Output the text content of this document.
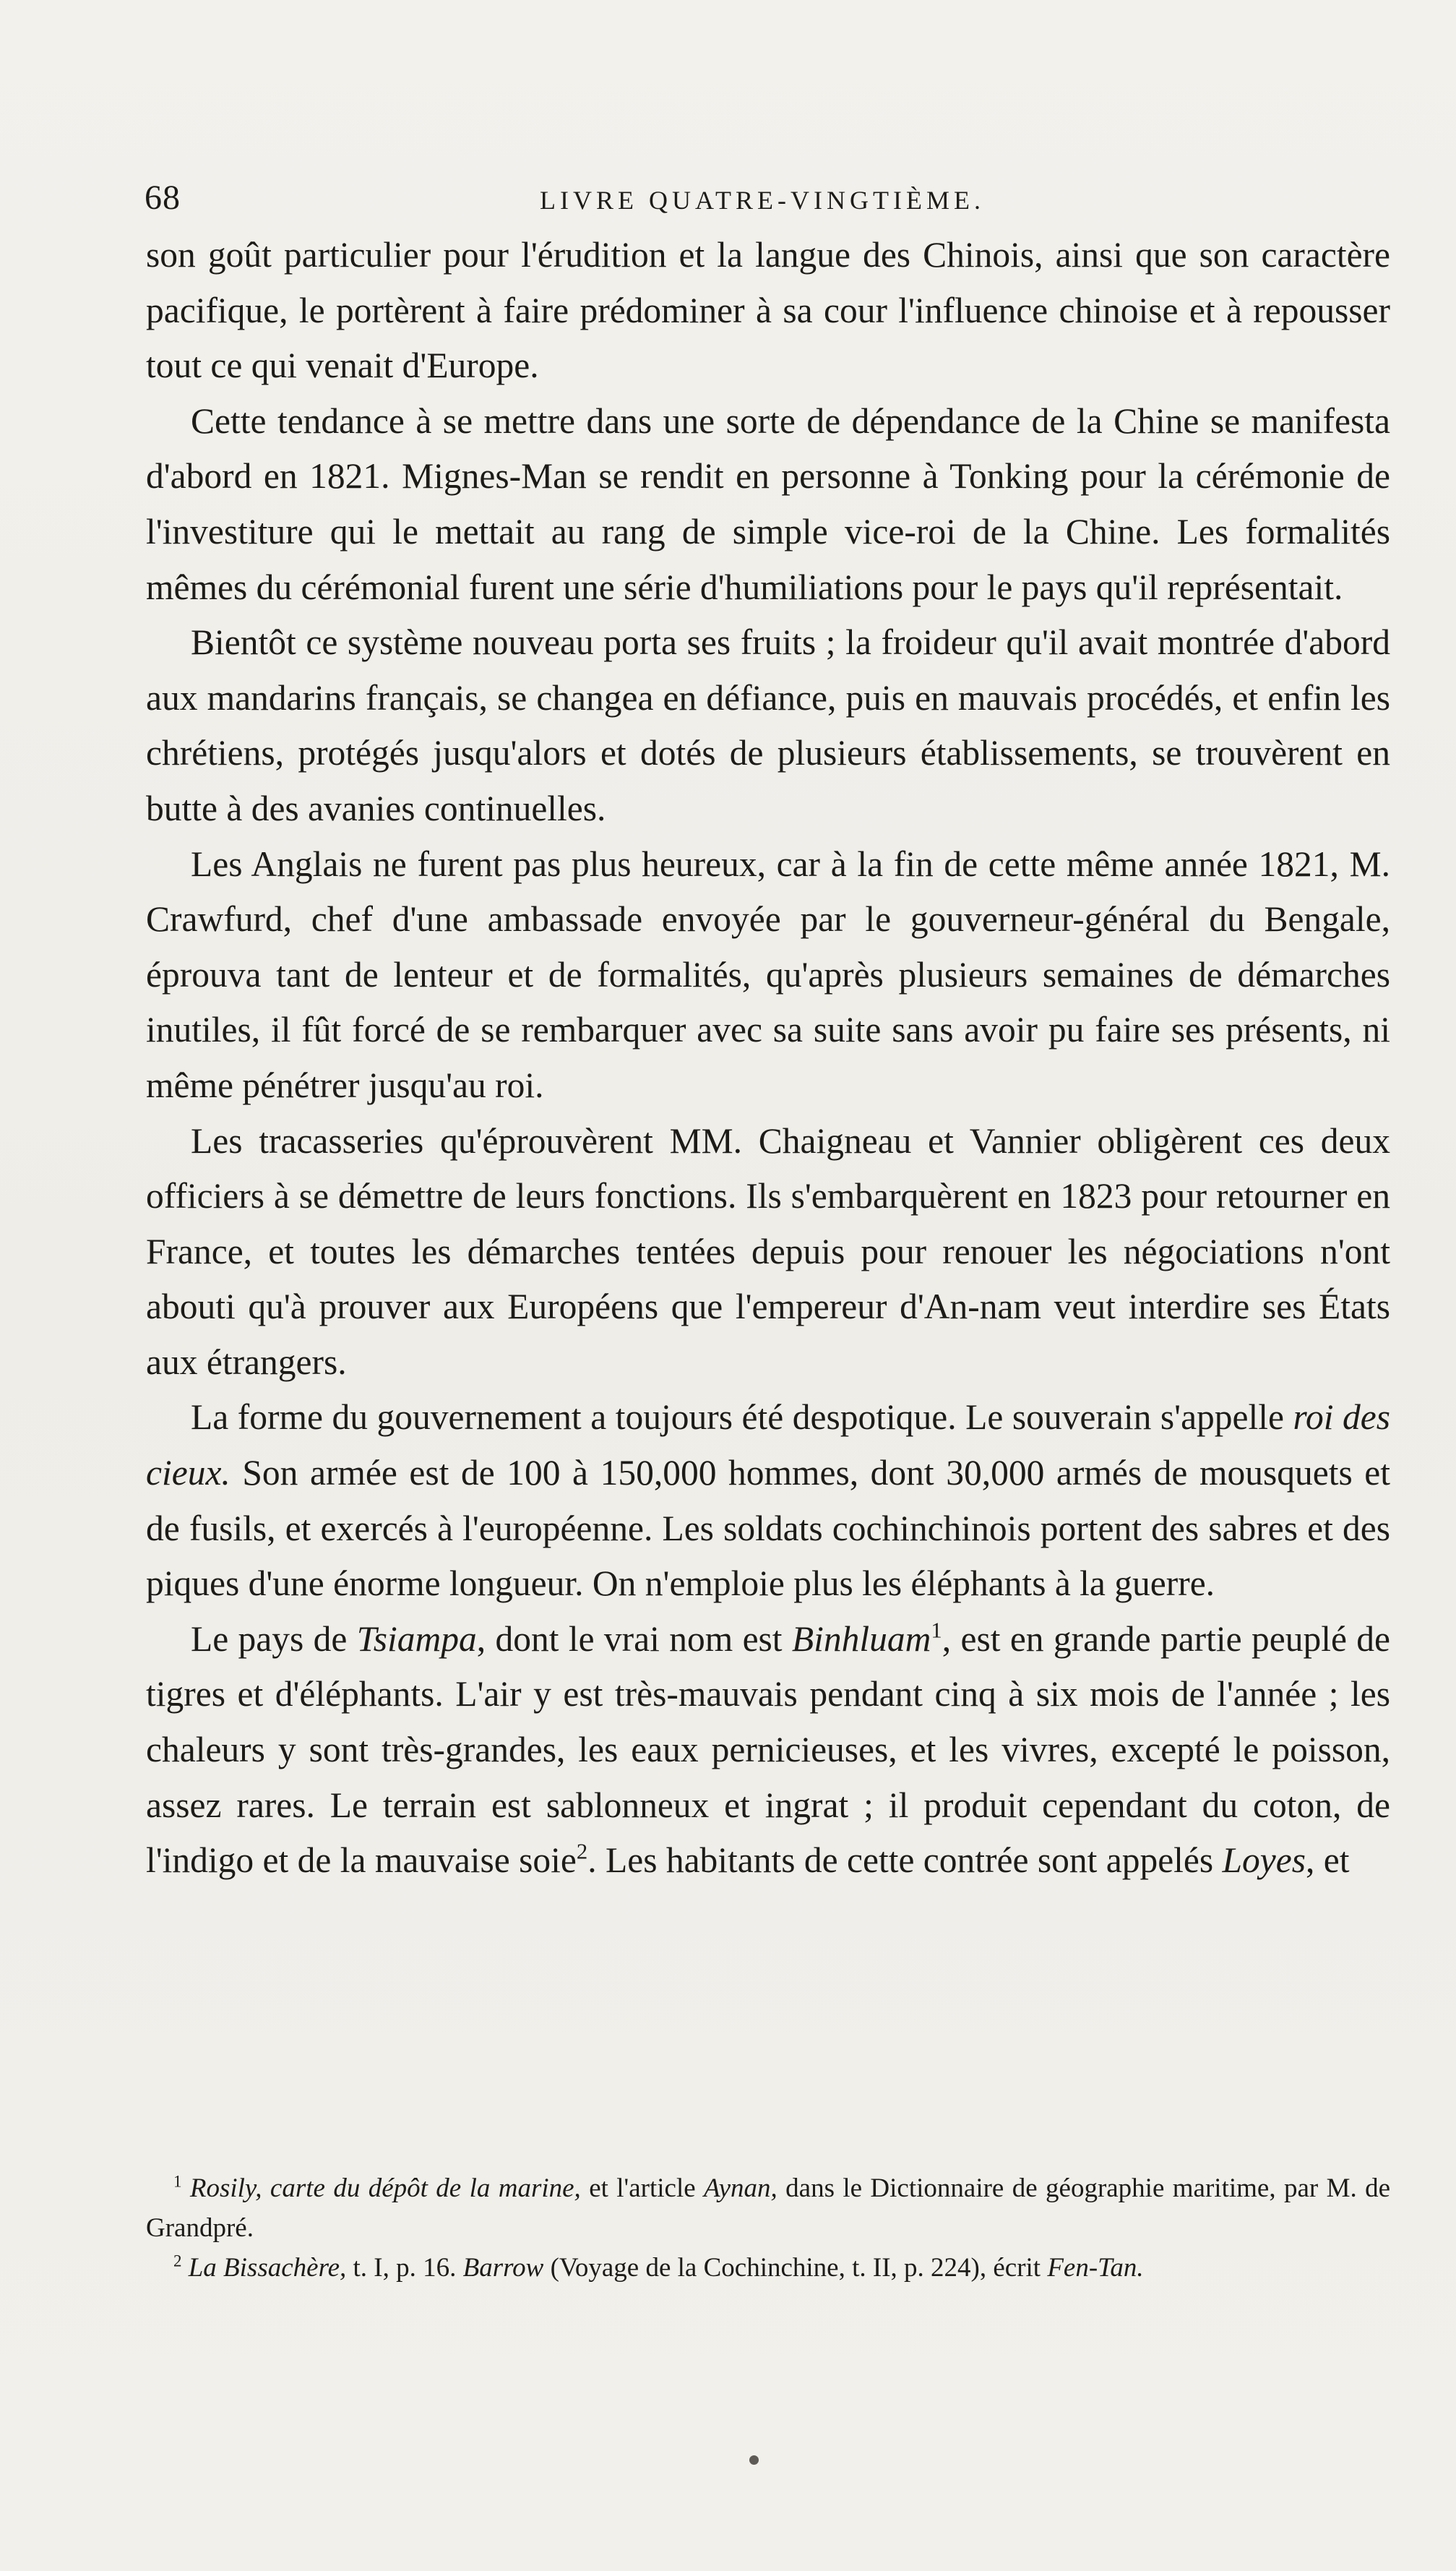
68	LIVRE QUATRE-VINGTIÈME.

son goût particulier pour l'érudition et la langue des Chinois, ainsi que son caractère pacifique, le portèrent à faire prédominer à sa cour l'influence chinoise et à repousser tout ce qui venait d'Europe.

Cette tendance à se mettre dans une sorte de dépendance de la Chine se manifesta d'abord en 1821. Mignes-Man se rendit en personne à Tonking pour la cérémonie de l'investiture qui le mettait au rang de simple vice-roi de la Chine. Les formalités mêmes du cérémonial furent une série d'humiliations pour le pays qu'il représentait.

Bientôt ce système nouveau porta ses fruits ; la froideur qu'il avait montrée d'abord aux mandarins français, se changea en défiance, puis en mauvais procédés, et enfin les chrétiens, protégés jusqu'alors et dotés de plusieurs établissements, se trouvèrent en butte à des avanies continuelles.

Les Anglais ne furent pas plus heureux, car à la fin de cette même année 1821, M. Crawfurd, chef d'une ambassade envoyée par le gouverneur-général du Bengale, éprouva tant de lenteur et de formalités, qu'après plusieurs semaines de démarches inutiles, il fût forcé de se rembarquer avec sa suite sans avoir pu faire ses présents, ni même pénétrer jusqu'au roi.

Les tracasseries qu'éprouvèrent MM. Chaigneau et Vannier obligèrent ces deux officiers à se démettre de leurs fonctions. Ils s'embarquèrent en 1823 pour retourner en France, et toutes les démarches tentées depuis pour renouer les négociations n'ont abouti qu'à prouver aux Européens que l'empereur d'An-nam veut interdire ses États aux étrangers.

La forme du gouvernement a toujours été despotique. Le souverain s'appelle roi des cieux. Son armée est de 100 à 150,000 hommes, dont 30,000 armés de mousquets et de fusils, et exercés à l'européenne. Les soldats cochinchinois portent des sabres et des piques d'une énorme longueur. On n'emploie plus les éléphants à la guerre.

Le pays de Tsiampa, dont le vrai nom est Binhluam$^1$, est en grande partie peuplé de tigres et d'éléphants. L'air y est très-mauvais pendant cinq à six mois de l'année ; les chaleurs y sont très-grandes, les eaux pernicieuses, et les vivres, excepté le poisson, assez rares. Le terrain est sablonneux et ingrat ; il produit cependant du coton, de l'indigo et de la mauvaise soie$^2$. Les habitants de cette contrée sont appelés Loyes, et

$^1$ Rosily, carte du dépôt de la marine, et l'article Aynan, dans le Dictionnaire de géographie maritime, par M. de Grandpré.

$^2$ La Bissachère, t. I, p. 16. Barrow (Voyage de la Cochinchine, t. II, p. 224), écrit Fen-Tan.
